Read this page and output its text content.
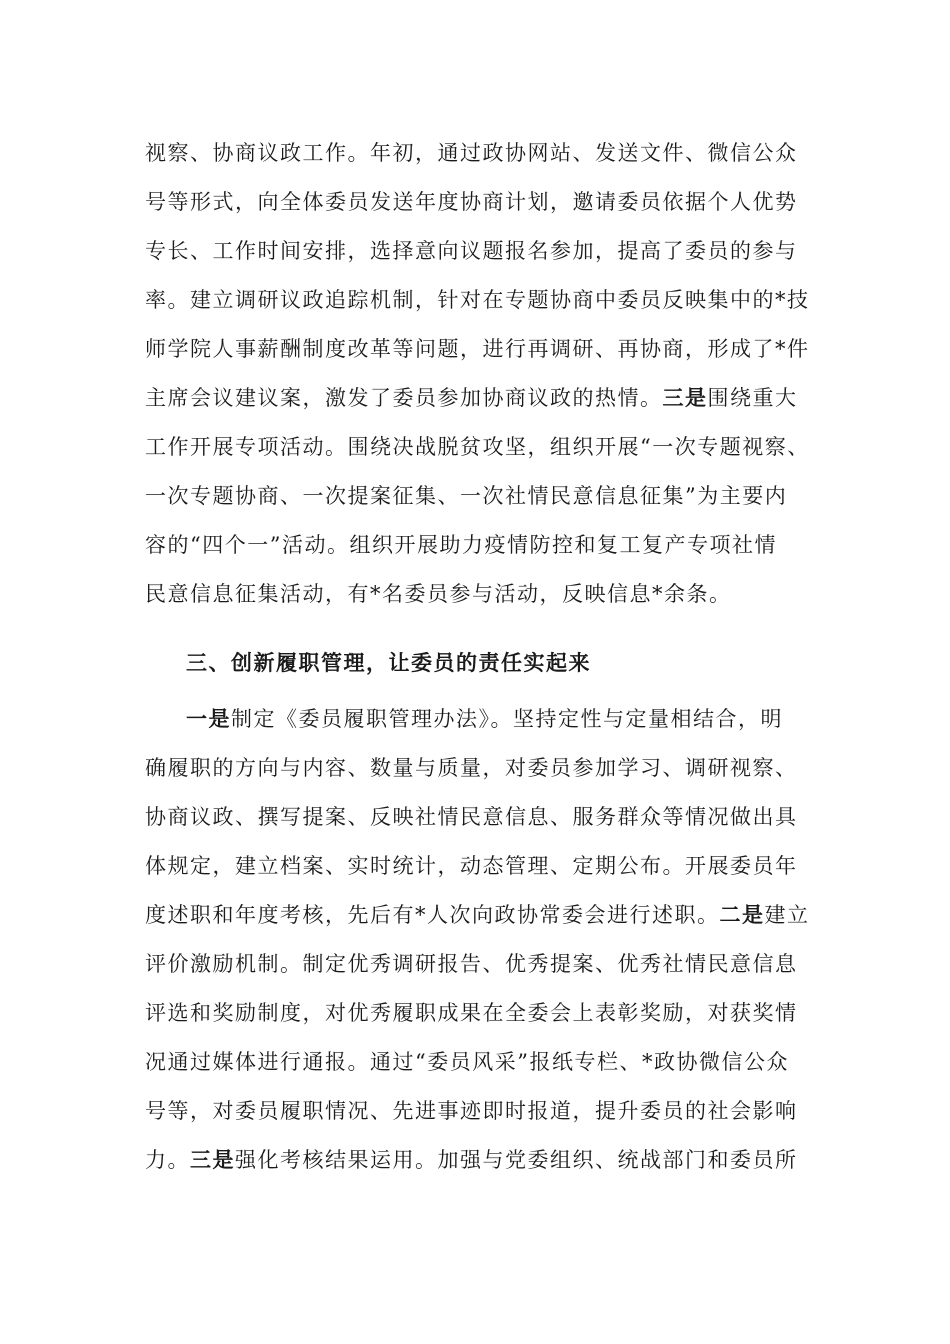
视察、协商议政工作。年初，通过政协网站、发送文件、微信公众
号等形式，向全体委员发送年度协商计划，邀请委员依据个人优势
专长、工作时间安排，选择意向议题报名参加，提高了委员的参与
率。建立调研议政追踪机制，针对在专题协商中委员反映集中的*技
师学院人事薪酬制度改革等问题，进行再调研、再协商，形成了*件
主席会议建议案，激发了委员参加协商议政的热情。三是围绕重大
工作开展专项活动。围绕决战脱贫攻坚，组织开展“一次专题视察、
一次专题协商、一次提案征集、一次社情民意信息征集”为主要内
容的“四个一”活动。组织开展助力疫情防控和复工复产专项社情
民意信息征集活动，有*名委员参与活动，反映信息*余条。
三、创新履职管理，让委员的责任实起来
一是制定《委员履职管理办法》。坚持定性与定量相结合，明
确履职的方向与内容、数量与质量，对委员参加学习、调研视察、
协商议政、撰写提案、反映社情民意信息、服务群众等情况做出具
体规定，建立档案、实时统计，动态管理、定期公布。开展委员年
度述职和年度考核，先后有*人次向政协常委会进行述职。二是建立
评价激励机制。制定优秀调研报告、优秀提案、优秀社情民意信息
评选和奖励制度，对优秀履职成果在全委会上表彰奖励，对获奖情
况通过媒体进行通报。通过“委员风采”报纸专栏、*政协微信公众
号等，对委员履职情况、先进事迹即时报道，提升委员的社会影响
力。三是强化考核结果运用。加强与党委组织、统战部门和委员所
